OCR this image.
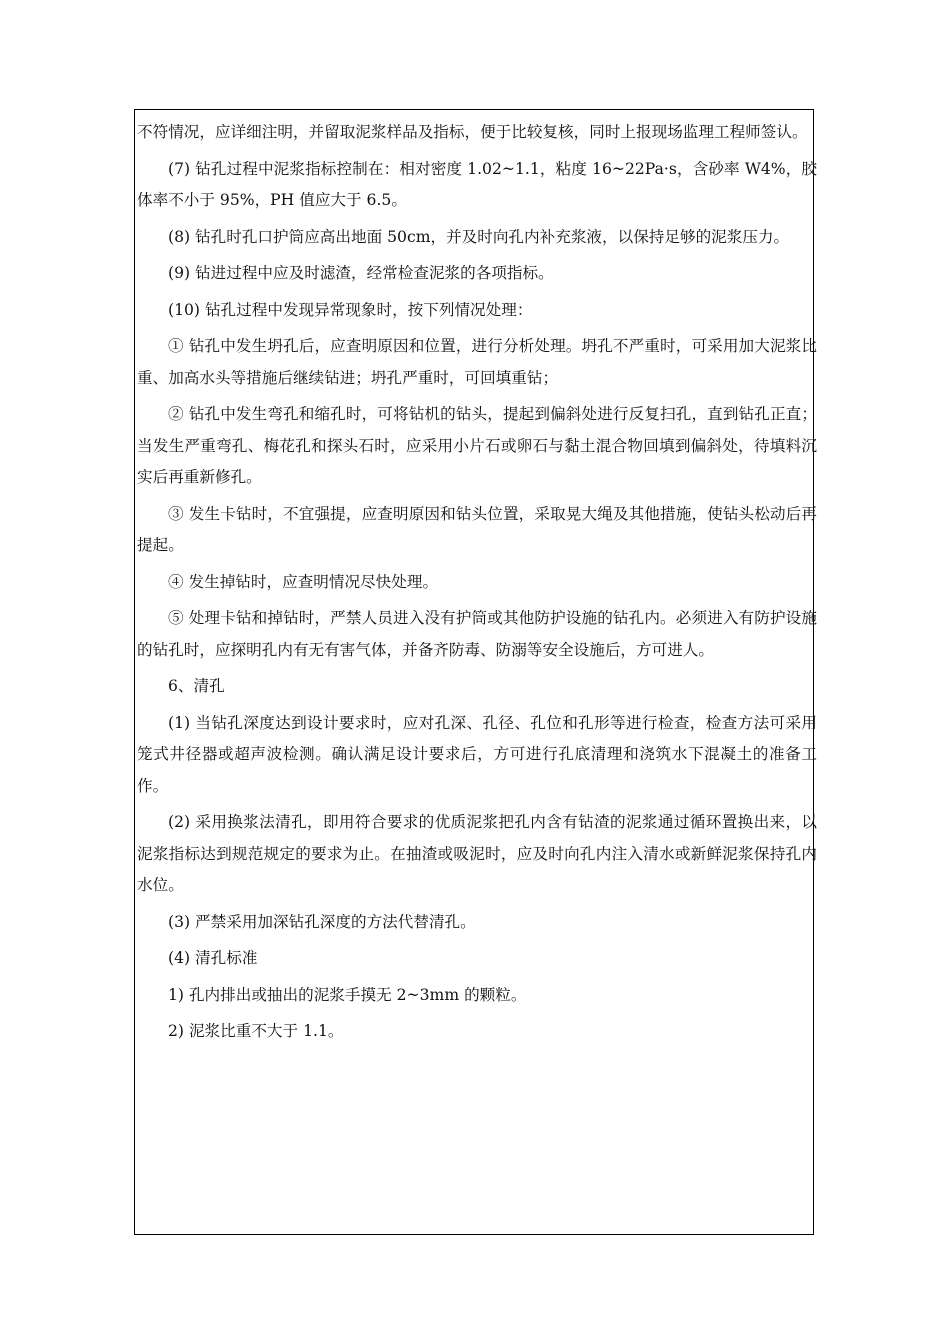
不符情况，应详细注明，并留取泥浆样品及指标，便于比较复核，同时上报现场监理工程师签认。

(7) 钻孔过程中泥浆指标控制在：相对密度 1.02~1.1，粘度 16~22Pa·s，含砂率 W4%，胶体率不小于 95%，PH 值应大于 6.5。

(8) 钻孔时孔口护筒应高出地面 50cm，并及时向孔内补充浆液，以保持足够的泥浆压力。

(9) 钻进过程中应及时滤渣，经常检查泥浆的各项指标。

(10) 钻孔过程中发现异常现象时，按下列情况处理：

① 钻孔中发生坍孔后，应查明原因和位置，进行分析处理。坍孔不严重时，可采用加大泥浆比重、加高水头等措施后继续钻进；坍孔严重时，可回填重钻；

② 钻孔中发生弯孔和缩孔时，可将钻机的钻头，提起到偏斜处进行反复扫孔，直到钻孔正直；当发生严重弯孔、梅花孔和探头石时，应采用小片石或卵石与黏土混合物回填到偏斜处，待填料沉实后再重新修孔。

③ 发生卡钻时，不宜强提，应查明原因和钻头位置，采取晃大绳及其他措施，使钻头松动后再提起。

④ 发生掉钻时，应查明情况尽快处理。

⑤ 处理卡钻和掉钻时，严禁人员进入没有护筒或其他防护设施的钻孔内。必须进入有防护设施的钻孔时，应探明孔内有无有害气体，并备齐防毒、防溺等安全设施后，方可进人。

6、清孔

(1) 当钻孔深度达到设计要求时，应对孔深、孔径、孔位和孔形等进行检查，检查方法可采用笼式井径器或超声波检测。确认满足设计要求后，方可进行孔底清理和浇筑水下混凝土的准备工作。

(2) 采用换浆法清孔，即用符合要求的优质泥浆把孔内含有钻渣的泥浆通过循环置换出来，以泥浆指标达到规范规定的要求为止。在抽渣或吸泥时，应及时向孔内注入清水或新鲜泥浆保持孔内水位。

(3) 严禁采用加深钻孔深度的方法代替清孔。

(4) 清孔标准

1) 孔内排出或抽出的泥浆手摸无 2~3mm 的颗粒。

2) 泥浆比重不大于 1.1。
